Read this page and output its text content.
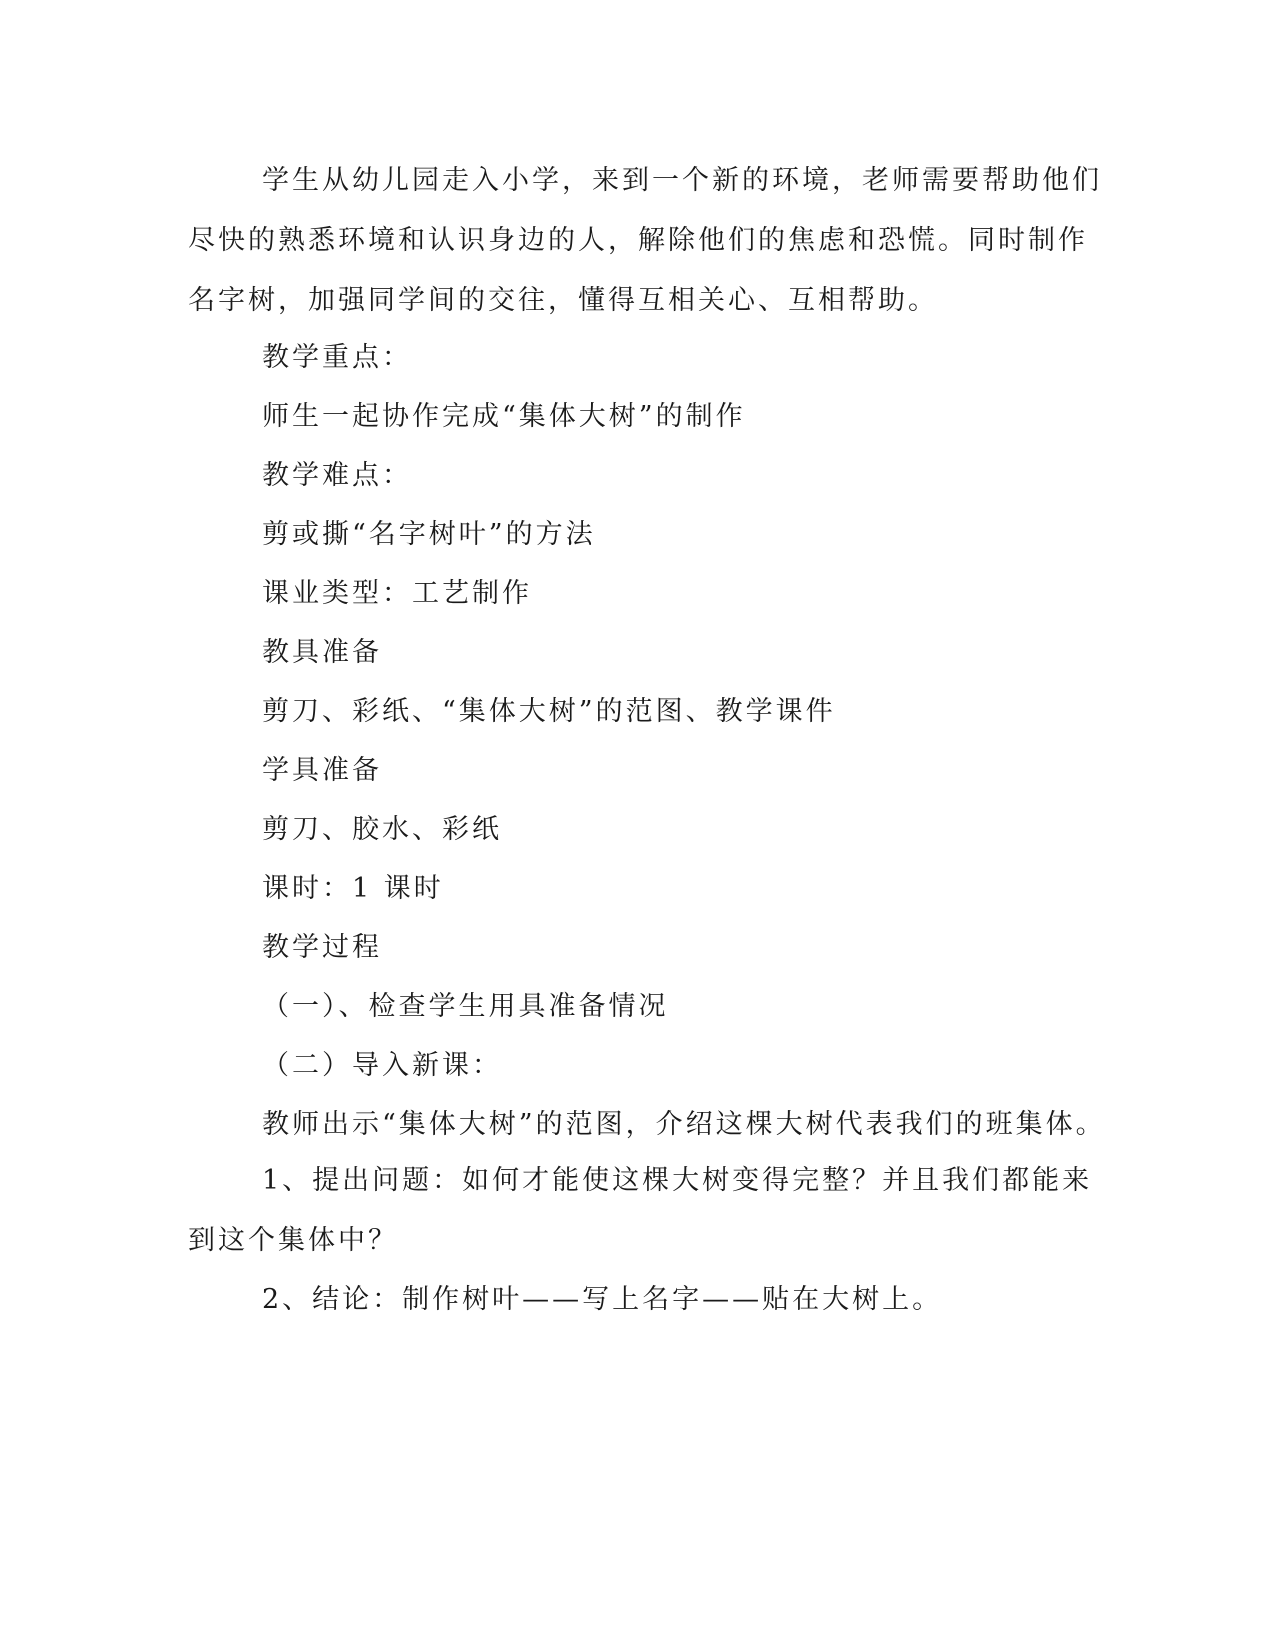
学生从幼儿园走入小学，来到一个新的环境，老师需要帮助他们
尽快的熟悉环境和认识身边的人，解除他们的焦虑和恐慌。同时制作
名字树，加强同学间的交往，懂得互相关心、互相帮助。
教学重点：
师生一起协作完成“集体大树”的制作
教学难点：
剪或撕“名字树叶”的方法
课业类型：工艺制作
教具准备
剪刀、彩纸、“集体大树”的范图、教学课件
学具准备
剪刀、胶水、彩纸
课时：1 课时
教学过程
（一）、检查学生用具准备情况
（二）导入新课：
教师出示“集体大树”的范图，介绍这棵大树代表我们的班集体。
1、提出问题：如何才能使这棵大树变得完整？并且我们都能来
到这个集体中？
2、结论：制作树叶——写上名字——贴在大树上。
